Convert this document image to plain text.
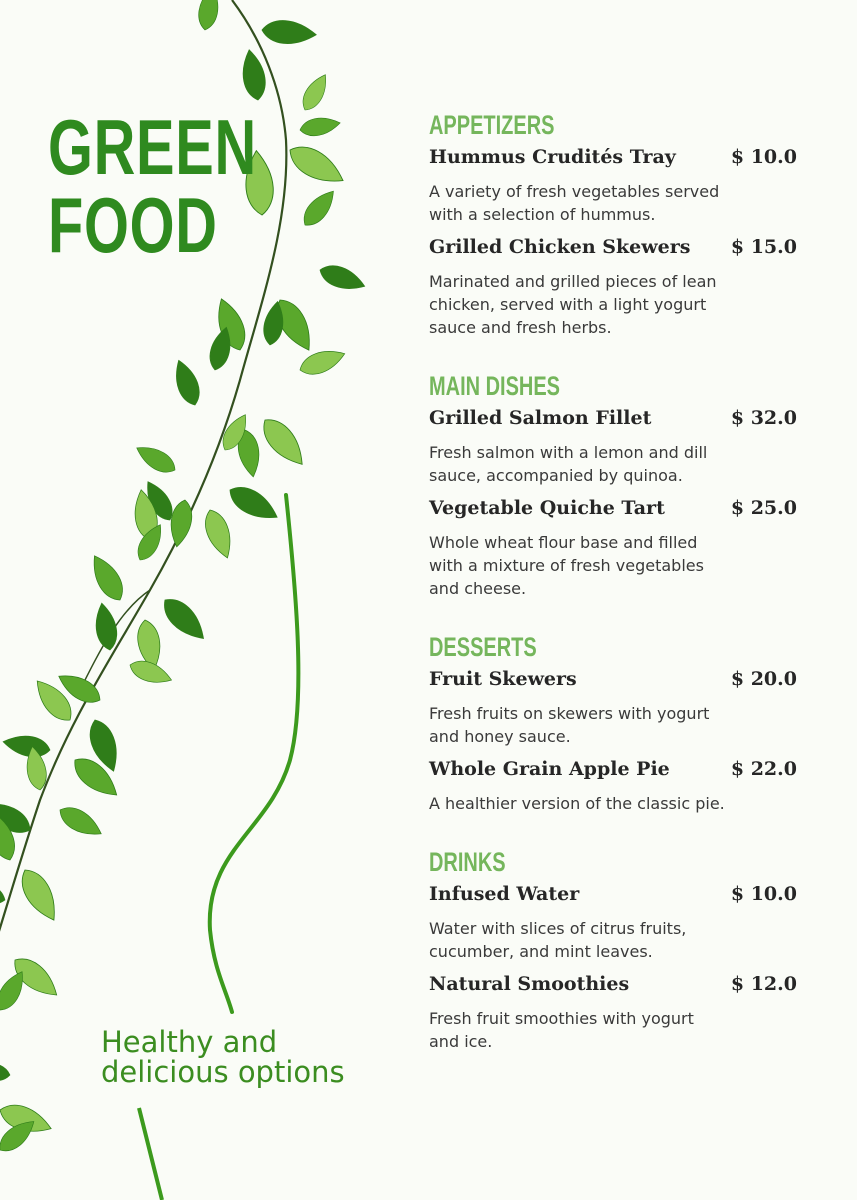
GREEN
FOOD
Healthy and
delicious options
APPETIZERS
Hummus Crudités Tray	$ 10.0
A variety of fresh vegetables served with a selection of hummus.
Grilled Chicken Skewers $ 15.0
Marinated and grilled pieces of lean chicken, served with a light yogurt sauce and fresh herbs.
MAIN DISHES
Grilled Salmon Fillet	$ 32.0
Fresh salmon with a lemon and dill sauce, accompanied by quinoa.
Vegetable Quiche Tart	$ 25.0
Whole wheat flour base and filled with a mixture of fresh vegetables and cheese.
DESSERTS
Fruit Skewers	$ 20.0
Fresh fruits on skewers with yogurt and honey sauce.
Whole Grain Apple Pie	$ 22.0
A healthier version of the classic pie.
DRINKS
Infused Water	$ 10.0
Water with slices of citrus fruits, cucumber, and mint leaves.
Natural Smoothies	$ 12.0
Fresh fruit smoothies with yogurt and ice.
